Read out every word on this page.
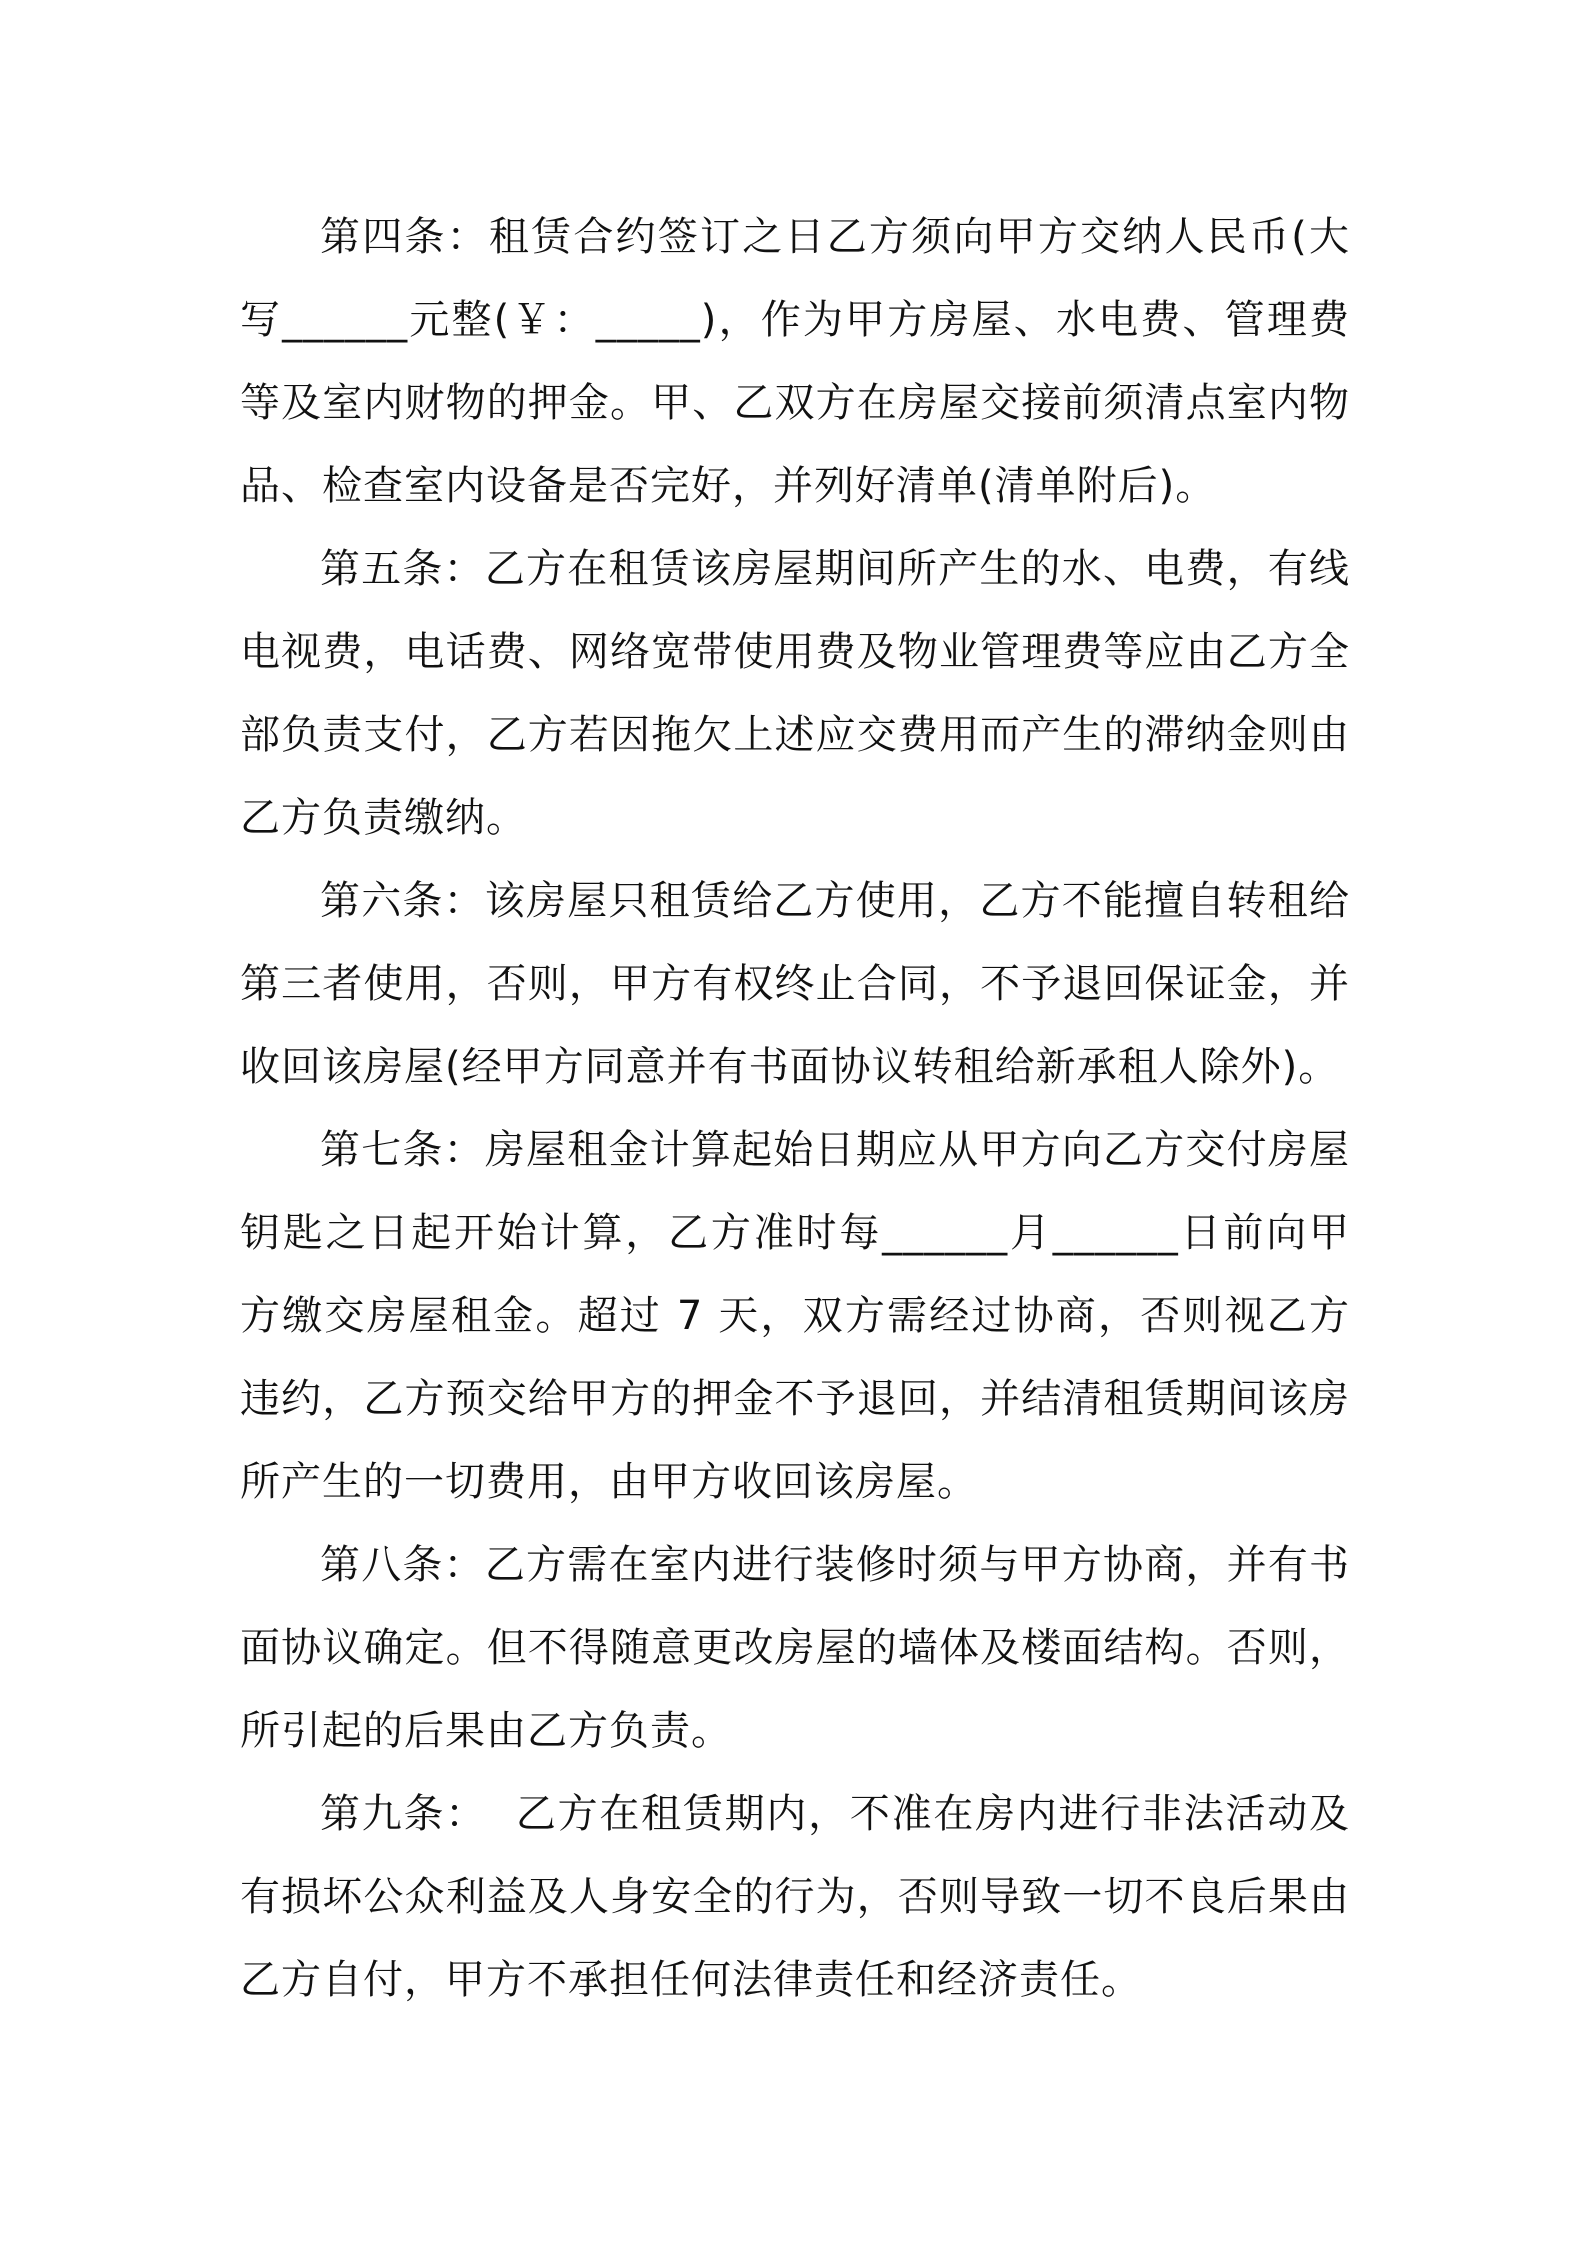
第四条：租赁合约签订之日乙方须向甲方交纳人民币(大写______元整(￥：_____)，作为甲方房屋、水电费、管理费等及室内财物的押金。甲、乙双方在房屋交接前须清点室内物品、检查室内设备是否完好，并列好清单(清单附后)。

第五条：乙方在租赁该房屋期间所产生的水、电费，有线电视费，电话费、网络宽带使用费及物业管理费等应由乙方全部负责支付，乙方若因拖欠上述应交费用而产生的滞纳金则由乙方负责缴纳。

第六条：该房屋只租赁给乙方使用，乙方不能擅自转租给第三者使用，否则，甲方有权终止合同，不予退回保证金，并收回该房屋(经甲方同意并有书面协议转租给新承租人除外)。

第七条：房屋租金计算起始日期应从甲方向乙方交付房屋钥匙之日起开始计算，乙方准时每______月______日前向甲方缴交房屋租金。超过 7 天，双方需经过协商，否则视乙方违约，乙方预交给甲方的押金不予退回，并结清租赁期间该房所产生的一切费用，由甲方收回该房屋。

第八条：乙方需在室内进行装修时须与甲方协商，并有书面协议确定。但不得随意更改房屋的墙体及楼面结构。否则，所引起的后果由乙方负责。

第九条：  乙方在租赁期内，不准在房内进行非法活动及有损坏公众利益及人身安全的行为，否则导致一切不良后果由乙方自付，甲方不承担任何法律责任和经济责任。
